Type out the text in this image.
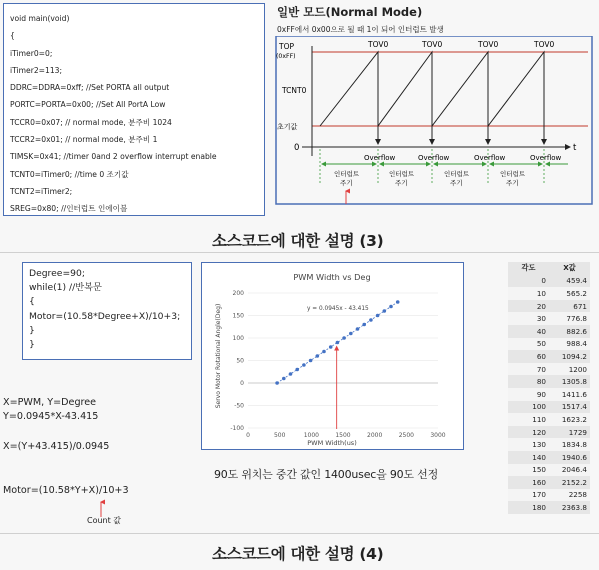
void main(void)
{
iTimer0=0;
iTimer2=113;
DDRC=DDRA=0xff; //Set PORTA all output
PORTC=PORTA=0x00; //Set All PortA Low
TCCR0=0x07; // normal mode, 분주비 1024
TCCR2=0x01; // normal mode, 분주비 1
TIMSK=0x41; //timer 0and 2 overflow interrupt enable
TCNT0=iTimer0; //time 0 조기값
TCNT2=iTimer2;
SREG=0x80; //인터럽트 인에이블
일반 모드(Normal Mode)
0xFF에서 0x00으로 될 때 1이 되어 인터럽트 발생
TOP
(0xFF)
TCNT0
초기값
0	t
TOV0	TOV0	TOV0	TOV0
Overflow	Overflow	Overflow	Overflow
인터럽트
주기
인터럽트
주기
인터럽트
주기
인터럽트
주기
소스코드에 대한 설명 (3)
Degree=90;
while(1) //반복문
{
Motor=(10.58*Degree+X)/10+3;
}
}
X=PWM, Y=Degree
Y=0.0945*X-43.415
X=(Y+43.415)/0.0945
Motor=(10.58*Y+X)/10+3
Count 값
PWM Width vs Deg
y = 0.0945x - 43.415
PWM Width(us)
Servo Motor Rotational Angle(Deg)
-100
-50
0
50
100
150
200
0	500	1000	1500	2000	2500	3000
90도 위치는 중간 값인 1400usec을 90도 선정
각도	X값
0	459.4
10	565.2
20	671
30	776.8
40	882.6
50	988.4
60	1094.2
70	1200
80	1305.8
90	1411.6
100	1517.4
110	1623.2
120	1729
130	1834.8
140	1940.6
150	2046.4
160	2152.2
170	2258
180	2363.8
소스코드에 대한 설명 (4)
